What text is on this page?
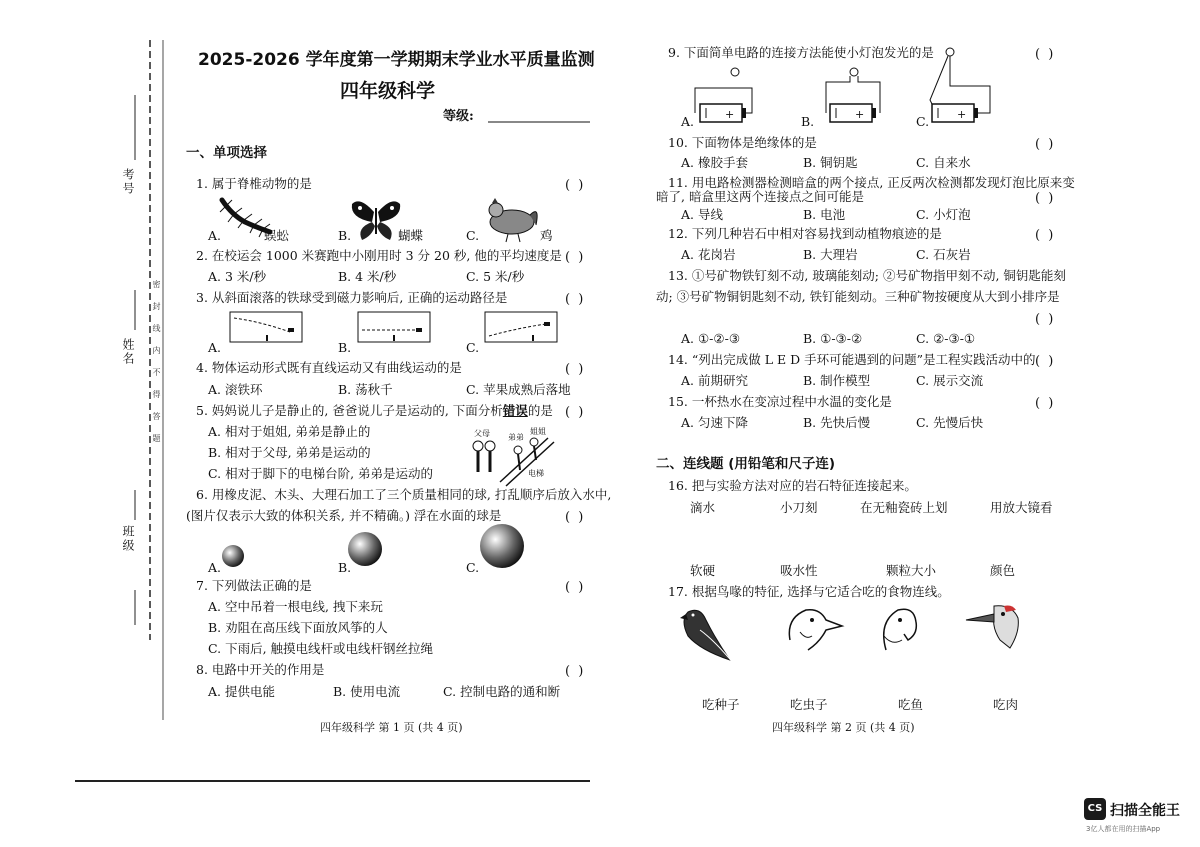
考号
姓名
班级
密封线内不得答题
2025-2026 学年度第一学期期末学业水平质量监测
四年级科学
等级:
一、单项选择
1. 属于脊椎动物的是	( )
A.	蜈蚣	B.	蝴蝶	C.	鸡
2. 在校运会 1000 米赛跑中小刚用时 3 分 20 秒, 他的平均速度是 ( )
A. 3 米/秒	B. 4 米/秒	C. 5 米/秒
3. 从斜面滚落的铁球受到磁力影响后, 正确的运动路径是	( )
A.	B.	C.
4. 物体运动形式既有直线运动又有曲线运动的是	( )
A. 滚铁环	B. 荡秋千	C. 苹果成熟后落地
5. 妈妈说儿子是静止的, 爸爸说儿子是运动的, 下面分析错误的是 ( )
A. 相对于姐姐, 弟弟是静止的
B. 相对于父母, 弟弟是运动的
C. 相对于脚下的电梯台阶, 弟弟是运动的
父母 弟弟
姐姐
电梯
6. 用橡皮泥、木头、大理石加工了三个质量相同的球, 打乱顺序后放入水中,
(图片仅表示大致的体积关系, 并不精确。) 浮在水面的球是	( )
A.	B.	C.
7. 下列做法正确的是	( )
A. 空中吊着一根电线, 拽下来玩
B. 劝阻在高压线下面放风筝的人
C. 下雨后, 触摸电线杆或电线杆钢丝拉绳
8. 电路中开关的作用是	( )
A. 提供电能	B. 使用电流	C. 控制电路的通和断
四年级科学 第 1 页 (共 4 页)
9. 下面简单电路的连接方法能使小灯泡发光的是	( )
A.	B.	C.
+	+	+
10. 下面物体是绝缘体的是	( )
A. 橡胶手套	B. 铜钥匙	C. 自来水
11. 用电路检测器检测暗盒的两个接点, 正反两次检测都发现灯泡比原来变
暗了, 暗盒里这两个连接点之间可能是	( )
A. 导线	B. 电池	C. 小灯泡
12. 下列几种岩石中相对容易找到动植物痕迹的是	( )
A. 花岗岩	B. 大理岩	C. 石灰岩
13. ①号矿物铁钉刻不动, 玻璃能刻动; ②号矿物指甲刻不动, 铜钥匙能刻
动; ③号矿物铜钥匙刻不动, 铁钉能刻动。三种矿物按硬度从大到小排序是
( )
A. ①-②-③	B. ①-③-②	C. ②-③-①
14. “列出完成做 L E D 手环可能遇到的问题”是工程实践活动中的 ( )
A. 前期研究	B. 制作模型	C. 展示交流
15. 一杯热水在变凉过程中水温的变化是	( )
A. 匀速下降	B. 先快后慢	C. 先慢后快
二、连线题 (用铅笔和尺子连)
16. 把与实验方法对应的岩石特征连接起来。
滴水	小刀刻	在无釉瓷砖上划	用放大镜看
软硬	吸水性	颗粒大小	颜色
17. 根据鸟喙的特征, 选择与它适合吃的食物连线。
吃种子	吃虫子	吃鱼	吃肉
四年级科学 第 2 页 (共 4 页)
CS 扫描全能王
3亿人都在用的扫描App
